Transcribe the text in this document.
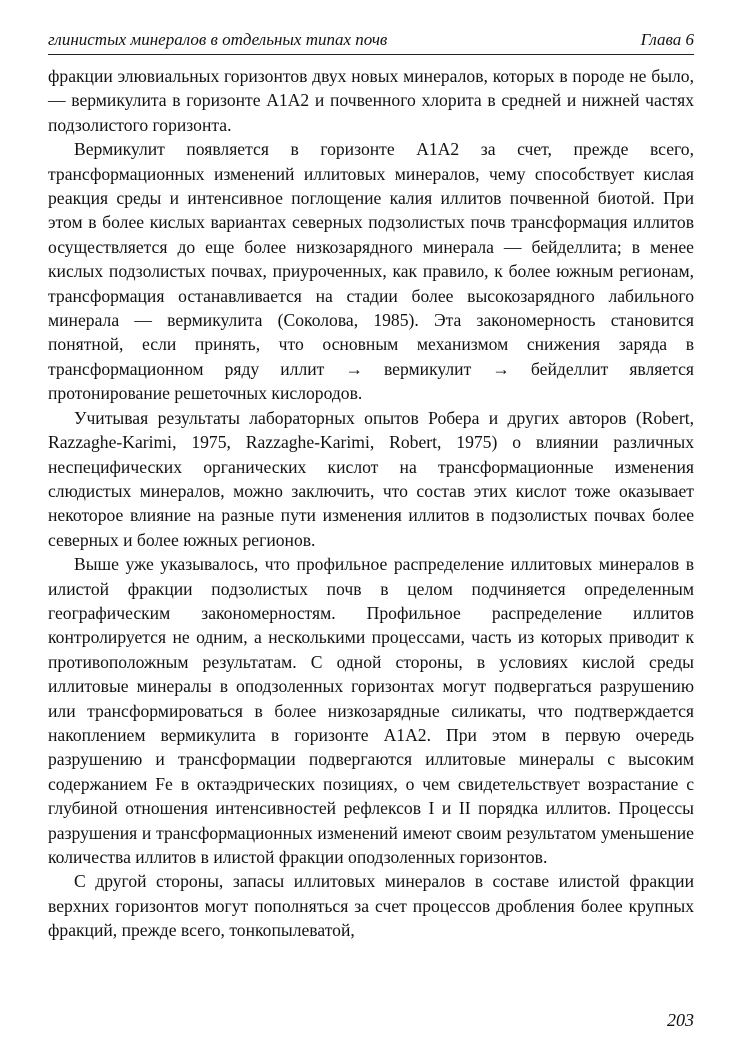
глинистых минералов в отдельных типах почв	Глава 6

фракции элювиальных горизонтов двух новых минералов, которых в породе не было,— вермикулита в горизонте A1A2 и почвенного хлорита в средней и нижней частях подзолистого горизонта.

Вермикулит появляется в горизонте A1A2 за счет, прежде всего, трансформационных изменений иллитовых минералов, чему способствует кислая реакция среды и интенсивное поглощение калия иллитов почвенной биотой. При этом в более кислых вариантах северных подзолистых почв трансформация иллитов осуществляется до еще более низкозарядного минерала — бейделлита; в менее кислых подзолистых почвах, приуроченных, как правило, к более южным регионам, трансформация останавливается на стадии более высокозарядного лабильного минерала — вермикулита (Соколова, 1985). Эта закономерность становится понятной, если принять, что основным механизмом снижения заряда в трансформационном ряду иллит → вермикулит → бейделлит является протонирование решеточных кислородов.

Учитывая результаты лабораторных опытов Робера и других авторов (Robert, Razzaghe-Karimi, 1975, Razzaghe-Karimi, Robert, 1975) о влиянии различных неспецифических органических кислот на трансформационные изменения слюдистых минералов, можно заключить, что состав этих кислот тоже оказывает некоторое влияние на разные пути изменения иллитов в подзолистых почвах более северных и более южных регионов.

Выше уже указывалось, что профильное распределение иллитовых минералов в илистой фракции подзолистых почв в целом подчиняется определенным географическим закономерностям. Профильное распределение иллитов контролируется не одним, а несколькими процессами, часть из которых приводит к противоположным результатам. С одной стороны, в условиях кислой среды иллитовые минералы в оподзоленных горизонтах могут подвергаться разрушению или трансформироваться в более низкозарядные силикаты, что подтверждается накоплением вермикулита в горизонте A1A2. При этом в первую очередь разрушению и трансформации подвергаются иллитовые минералы с высоким содержанием Fe в октаэдрических позициях, о чем свидетельствует возрастание с глубиной отношения интенсивностей рефлексов I и II порядка иллитов. Процессы разрушения и трансформационных изменений имеют своим результатом уменьшение количества иллитов в илистой фракции оподзоленных горизонтов.

С другой стороны, запасы иллитовых минералов в составе илистой фракции верхних горизонтов могут пополняться за счет процессов дробления более крупных фракций, прежде всего, тонкопылеватой,

203
